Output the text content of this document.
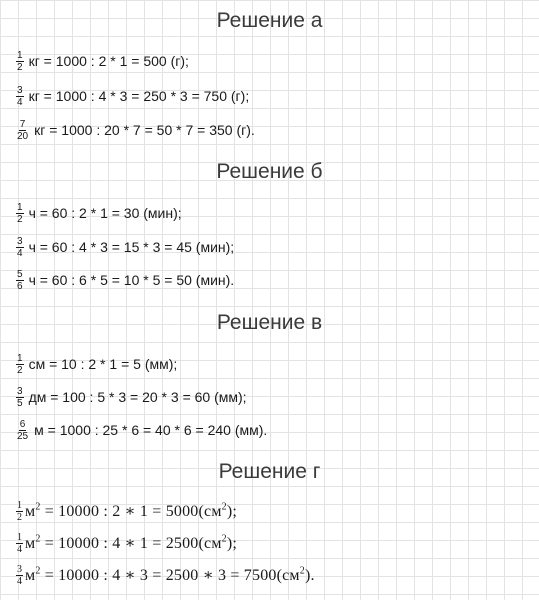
Решение а
$\frac{1}{2}$ кг = 1000 : 2 * 1 = 500 (г);
$\frac{3}{4}$ кг = 1000 : 4 * 3 = 250 * 3 = 750 (г);
$\frac{7}{20}$ кг = 1000 : 20 * 7 = 50 * 7 = 350 (г).
Решение б
$\frac{1}{2}$ ч = 60 : 2 * 1 = 30 (мин);
$\frac{3}{4}$ ч = 60 : 4 * 3 = 15 * 3 = 45 (мин);
$\frac{5}{6}$ ч = 60 : 6 * 5 = 10 * 5 = 50 (мин).
Решение в
$\frac{1}{2}$ см = 10 : 2 * 1 = 5 (мм);
$\frac{3}{5}$ дм = 100 : 5 * 3 = 20 * 3 = 60 (мм);
$\frac{6}{25}$ м = 1000 : 25 * 6 = 40 * 6 = 240 (мм).
Решение г
$\frac{1}{2} м^2 = 10000$ : 2 ∗ $1 = 5000(см^2)$;
$\frac{1}{4} м^2 = 10000$ : 4 ∗ $1 = 2500(см^2)$;
$\frac{3}{4} м^2 = 10000$ : 4 ∗ 3 = 2500 ∗ $3 = 7500(см^2)$.
